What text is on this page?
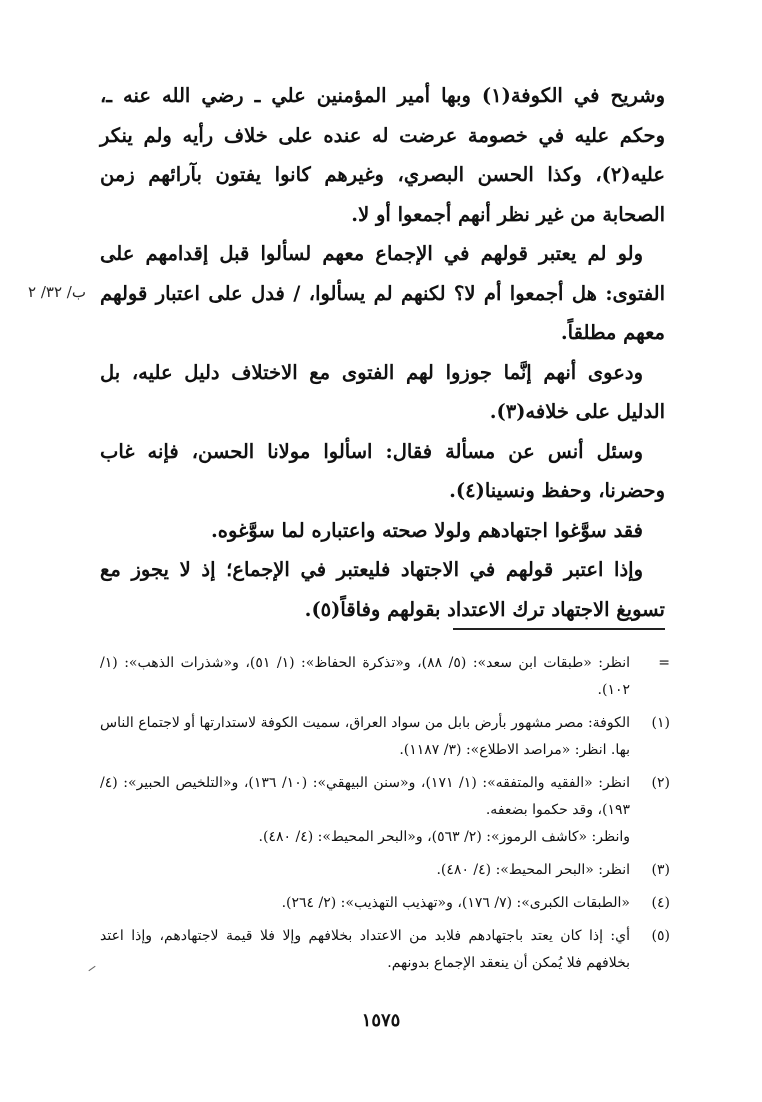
وشريح في الكوفة(١) وبها أمير المؤمنين علي ـ رضي الله عنه ـ، وحكم عليه في خصومة عرضت له عنده على خلاف رأيه ولم ينكر عليه(٢)، وكذا الحسن البصري، وغيرهم كانوا يفتون بآرائهم زمن الصحابة من غير نظر أنهم أجمعوا أو لا.

ولو لم يعتبر قولهم في الإجماع معهم لسألوا قبل إقدامهم على الفتوى: هل أجمعوا أم لا؟ لكنهم لم يسألوا، / فدل على اعتبار قولهم معهم مطلقاً.

ودعوى أنهم إنَّما جوزوا لهم الفتوى مع الاختلاف دليل عليه، بل الدليل على خلافه(٣).

وسئل أنس عن مسألة فقال: اسألوا مولانا الحسن، فإنه غاب وحضرنا، وحفظ ونسينا(٤).

فقد سوَّغوا اجتهادهم ولولا صحته واعتباره لما سوَّغوه.

وإذا اعتبر قولهم في الاجتهاد فليعتبر في الإجماع؛ إذ لا يجوز مع تسويغ الاجتهاد ترك الاعتداد بقولهم وفاقاً(٥).

ب/ ٣٢/ ٢
=
انظر: «طبقات ابن سعد»: (٥/ ٨٨)، و«تذكرة الحفاظ»: (١/ ٥١)، و«شذرات الذهب»: (١/ ١٠٢).
(١)
الكوفة: مصر مشهور بأرض بابل من سواد العراق، سميت الكوفة لاستدارتها أو لاجتماع الناس بها. انظر: «مراصد الاطلاع»: (٣/ ١١٨٧).
(٢)
انظر: «الفقيه والمتفقه»: (١/ ١٧١)، و«سنن البيهقي»: (١٠/ ١٣٦)، و«التلخيص الحبير»: (٤/ ١٩٣)، وقد حكموا بضعفه.
وانظر: «كاشف الرموز»: (٢/ ٥٦٣)، و«البحر المحيط»: (٤/ ٤٨٠).
(٣)
انظر: «البحر المحيط»: (٤/ ٤٨٠).
(٤)
«الطبقات الكبرى»: (٧/ ١٧٦)، و«تهذيب التهذيب»: (٢/ ٢٦٤).
(٥)
أي: إذا كان يعتد باجتهادهم فلابد من الاعتداد بخلافهم وإلا فلا قيمة لاجتهادهم، وإذا اعتد بخلافهم فلا يُمكن أن ينعقد الإجماع بدونهم.
١٥٧٥
